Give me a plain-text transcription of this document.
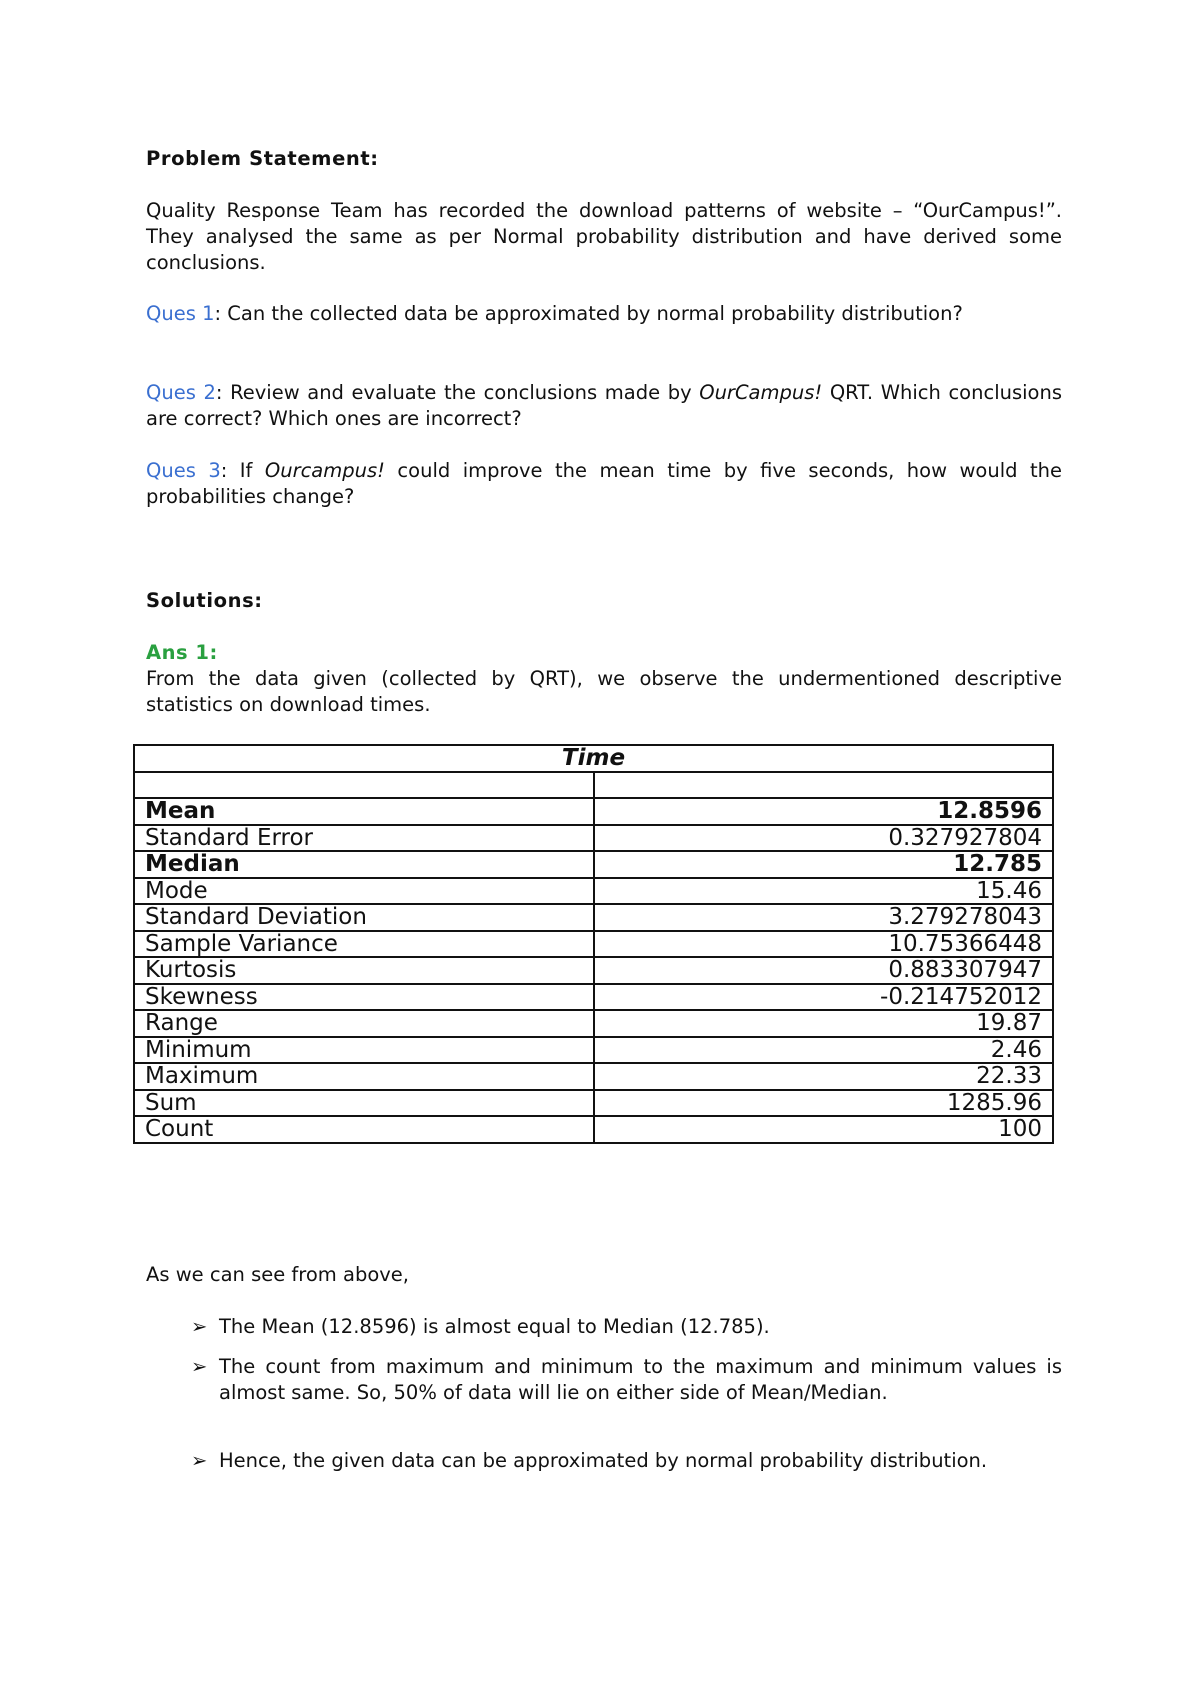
Problem Statement:
Quality Response Team has recorded the download patterns of website – “OurCampus!”. They analysed the same as per Normal probability distribution and have derived some conclusions.
Ques 1: Can the collected data be approximated by normal probability distribution?
Ques 2: Review and evaluate the conclusions made by OurCampus! QRT. Which conclusions are correct? Which ones are incorrect?
Ques 3: If Ourcampus! could improve the mean time by five seconds, how would the probabilities change?
Solutions:
Ans 1:
From the data given (collected by QRT), we observe the undermentioned descriptive statistics on download times.
Time	

Mean	12.8596
Standard Error	0.327927804
Median	12.785
Mode	15.46
Standard Deviation	3.279278043
Sample Variance	10.75366448
Kurtosis	0.883307947
Skewness	-0.214752012
Range	19.87
Minimum	2.46
Maximum	22.33
Sum	1285.96
Count	100
As we can see from above,
➢ The Mean (12.8596) is almost equal to Median (12.785).
➢ The count from maximum and minimum to the maximum and minimum values is almost same. So, 50% of data will lie on either side of Mean/Median.
➢ Hence, the given data can be approximated by normal probability distribution.
